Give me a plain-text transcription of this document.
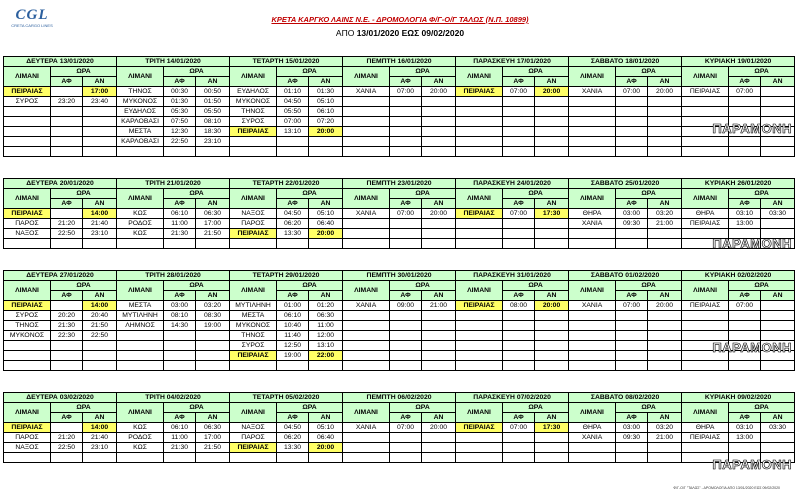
CGL
CRETA CARGO LINES
ΚΡΕΤΑ ΚΑΡΓΚΟ ΛΑΙΝΣ Ν.Ε. - ΔΡΟΜΟΛΟΓΙΑ Φ/Γ-Ο/Γ ΤΑΛΩΣ (Ν.Π. 10899)
ΑΠΟ 13/01/2020 ΕΩΣ 09/02/2020
ΔΕΥΤΕΡΑ 13/01/2020			ΤΡΙΤΗ 14/01/2020			ΤΕΤΑΡΤΗ 15/01/2020			ΠΕΜΠΤΗ 16/01/2020			ΠΑΡΑΣΚΕΥΗ 17/01/2020			ΣΑΒΒΑΤΟ 18/01/2020			ΚΥΡΙΑΚΗ 19/01/2020		
ΛΙΜΑΝΙ	ΩΡΑ		ΛΙΜΑΝΙ	ΩΡΑ		ΛΙΜΑΝΙ	ΩΡΑ		ΛΙΜΑΝΙ	ΩΡΑ		ΛΙΜΑΝΙ	ΩΡΑ		ΛΙΜΑΝΙ	ΩΡΑ		ΛΙΜΑΝΙ	ΩΡΑ	
	ΑΦ	ΑΝ		ΑΦ	ΑΝ		ΑΦ	ΑΝ		ΑΦ	ΑΝ		ΑΦ	ΑΝ		ΑΦ	ΑΝ		ΑΦ	ΑΝ
ΠΕΙΡΑΙΑΣ		17:00	ΤΗΝΟΣ	00:30	00:50	ΕΥΔΗΛΟΣ	01:10	01:30	ΧΑΝΙΑ	07:00	20:00	ΠΕΙΡΑΙΑΣ	07:00	20:00	ΧΑΝΙΑ	07:00	20:00	ΠΕΙΡΑΙΑΣ	07:00	
ΣΥΡΟΣ	23:20	23:40	ΜΥΚΟΝΟΣ	01:30	01:50	ΜΥΚΟΝΟΣ	04:50	05:10												
			ΕΥΔΗΛΟΣ	05:30	05:50	ΤΗΝΟΣ	05:50	06:10												
			ΚΑΡΛΟΒΑΣΙ	07:50	08:10	ΣΥΡΟΣ	07:00	07:20												
			ΜΕΣΤΑ	12:30	18:30	ΠΕΙΡΑΙΑΣ	13:10	20:00												
			ΚΑΡΛΟΒΑΣΙ	22:50	23:10															

ΠΑΡΑΜΟΝΗ
ΔΕΥΤΕΡΑ 20/01/2020			ΤΡΙΤΗ 21/01/2020			ΤΕΤΑΡΤΗ 22/01/2020			ΠΕΜΠΤΗ 23/01/2020			ΠΑΡΑΣΚΕΥΗ 24/01/2020			ΣΑΒΒΑΤΟ 25/01/2020			ΚΥΡΙΑΚΗ 26/01/2020		
ΛΙΜΑΝΙ	ΩΡΑ		ΛΙΜΑΝΙ	ΩΡΑ		ΛΙΜΑΝΙ	ΩΡΑ		ΛΙΜΑΝΙ	ΩΡΑ		ΛΙΜΑΝΙ	ΩΡΑ		ΛΙΜΑΝΙ	ΩΡΑ		ΛΙΜΑΝΙ	ΩΡΑ	
	ΑΦ	ΑΝ		ΑΦ	ΑΝ		ΑΦ	ΑΝ		ΑΦ	ΑΝ		ΑΦ	ΑΝ		ΑΦ	ΑΝ		ΑΦ	ΑΝ
ΠΕΙΡΑΙΑΣ		14:00	ΚΩΣ	06:10	06:30	ΝΑΞΟΣ	04:50	05:10	ΧΑΝΙΑ	07:00	20:00	ΠΕΙΡΑΙΑΣ	07:00	17:30	ΘΗΡΑ	03:00	03:20	ΘΗΡΑ	03:10	03:30
ΠΑΡΟΣ	21:20	21:40	ΡΟΔΟΣ	11:00	17:00	ΠΑΡΟΣ	06:20	06:40							ΧΑΝΙΑ	09:30	21:00	ΠΕΙΡΑΙΑΣ	13:00	
ΝΑΞΟΣ	22:50	23:10	ΚΩΣ	21:30	21:50	ΠΕΙΡΑΙΑΣ	13:30	20:00												

ΠΑΡΑΜΟΝΗ
ΔΕΥΤΕΡΑ 27/01/2020			ΤΡΙΤΗ 28/01/2020			ΤΕΤΑΡΤΗ 29/01/2020			ΠΕΜΠΤΗ 30/01/2020			ΠΑΡΑΣΚΕΥΗ 31/01/2020			ΣΑΒΒΑΤΟ 01/02/2020			ΚΥΡΙΑΚΗ 02/02/2020		
ΛΙΜΑΝΙ	ΩΡΑ		ΛΙΜΑΝΙ	ΩΡΑ		ΛΙΜΑΝΙ	ΩΡΑ		ΛΙΜΑΝΙ	ΩΡΑ		ΛΙΜΑΝΙ	ΩΡΑ		ΛΙΜΑΝΙ	ΩΡΑ		ΛΙΜΑΝΙ	ΩΡΑ	
	ΑΦ	ΑΝ		ΑΦ	ΑΝ		ΑΦ	ΑΝ		ΑΦ	ΑΝ		ΑΦ	ΑΝ		ΑΦ	ΑΝ		ΑΦ	ΑΝ
ΠΕΙΡΑΙΑΣ		14:00	ΜΕΣΤΑ	03:00	03:20	ΜΥΤΙΛΗΝΗ	01:00	01:20	ΧΑΝΙΑ	09:00	21:00	ΠΕΙΡΑΙΑΣ	08:00	20:00	ΧΑΝΙΑ	07:00	20:00	ΠΕΙΡΑΙΑΣ	07:00	
ΣΥΡΟΣ	20:20	20:40	ΜΥΤΙΛΗΝΗ	08:10	08:30	ΜΕΣΤΑ	06:10	06:30												
ΤΗΝΟΣ	21:30	21:50	ΛΗΜΝΟΣ	14:30	19:00	ΜΥΚΟΝΟΣ	10:40	11:00												
ΜΥΚΟΝΟΣ	22:30	22:50				ΤΗΝΟΣ	11:40	12:00												
						ΣΥΡΟΣ	12:50	13:10												
						ΠΕΙΡΑΙΑΣ	19:00	22:00												

ΠΑΡΑΜΟΝΗ
ΔΕΥΤΕΡΑ 03/02/2020			ΤΡΙΤΗ 04/02/2020			ΤΕΤΑΡΤΗ 05/02/2020			ΠΕΜΠΤΗ 06/02/2020			ΠΑΡΑΣΚΕΥΗ 07/02/2020			ΣΑΒΒΑΤΟ 08/02/2020			ΚΥΡΙΑΚΗ 09/02/2020		
ΛΙΜΑΝΙ	ΩΡΑ		ΛΙΜΑΝΙ	ΩΡΑ		ΛΙΜΑΝΙ	ΩΡΑ		ΛΙΜΑΝΙ	ΩΡΑ		ΛΙΜΑΝΙ	ΩΡΑ		ΛΙΜΑΝΙ	ΩΡΑ		ΛΙΜΑΝΙ	ΩΡΑ	
	ΑΦ	ΑΝ		ΑΦ	ΑΝ		ΑΦ	ΑΝ		ΑΦ	ΑΝ		ΑΦ	ΑΝ		ΑΦ	ΑΝ		ΑΦ	ΑΝ
ΠΕΙΡΑΙΑΣ		14:00	ΚΩΣ	06:10	06:30	ΝΑΞΟΣ	04:50	05:10	ΧΑΝΙΑ	07:00	20:00	ΠΕΙΡΑΙΑΣ	07:00	17:30	ΘΗΡΑ	03:00	03:20	ΘΗΡΑ	03:10	03:30
ΠΑΡΟΣ	21:20	21:40	ΡΟΔΟΣ	11:00	17:00	ΠΑΡΟΣ	06:20	06:40							ΧΑΝΙΑ	09:30	21:00	ΠΕΙΡΑΙΑΣ	13:00	
ΝΑΞΟΣ	22:50	23:10	ΚΩΣ	21:30	21:50	ΠΕΙΡΑΙΑΣ	13:30	20:00												

ΠΑΡΑΜΟΝΗ
Φ/Γ-Ο/Γ "ΤΑΛΩΣ" - ΔΡΟΜΟΛΟΓΙΑ ΑΠΟ 13/01/2020 ΕΩΣ 09/02/2020
